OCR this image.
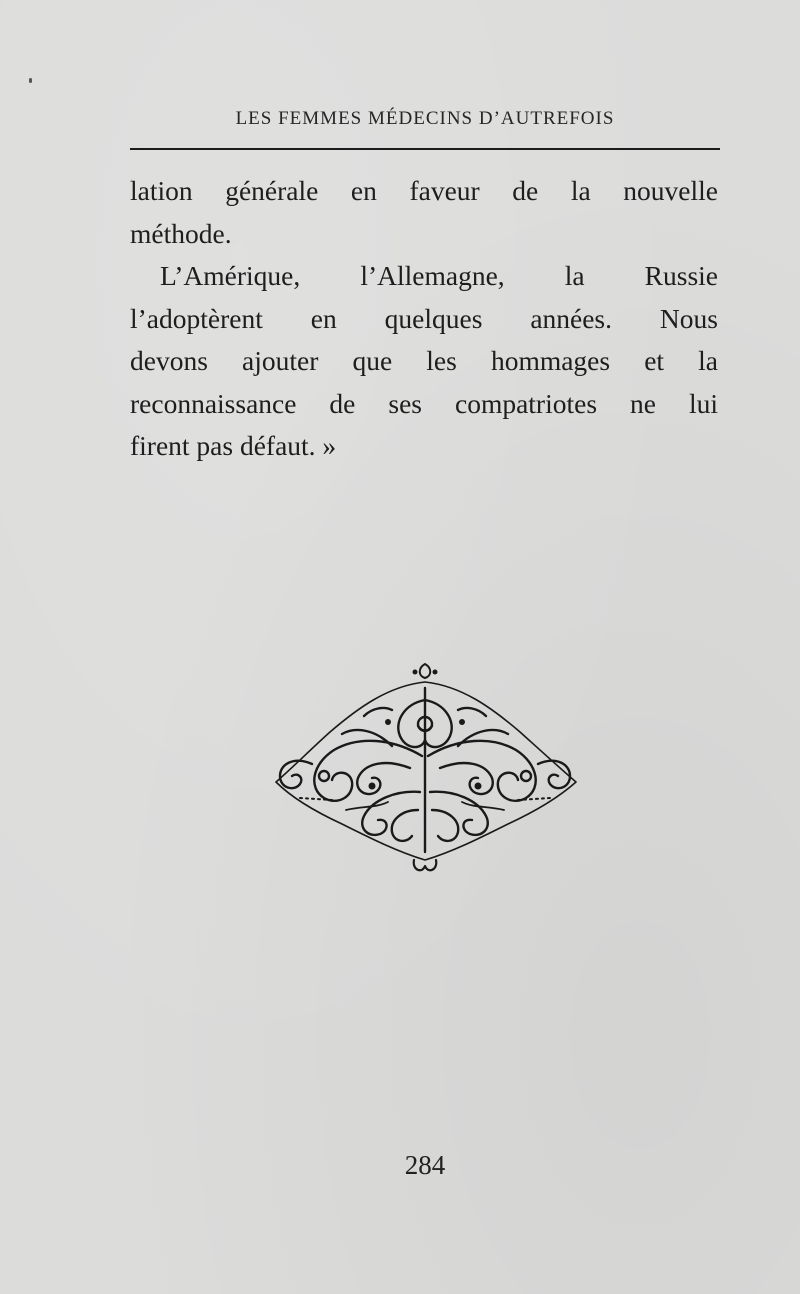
LES FEMMES MÉDECINS D’AUTREFOIS

lation générale en faveur de la nouvelle

méthode.

L’Amérique, l’Allemagne, la Russie

l’adoptèrent en quelques années. Nous

devons ajouter que les hommages et la

reconnaissance de ses compatriotes ne lui

firent pas défaut. »

284
